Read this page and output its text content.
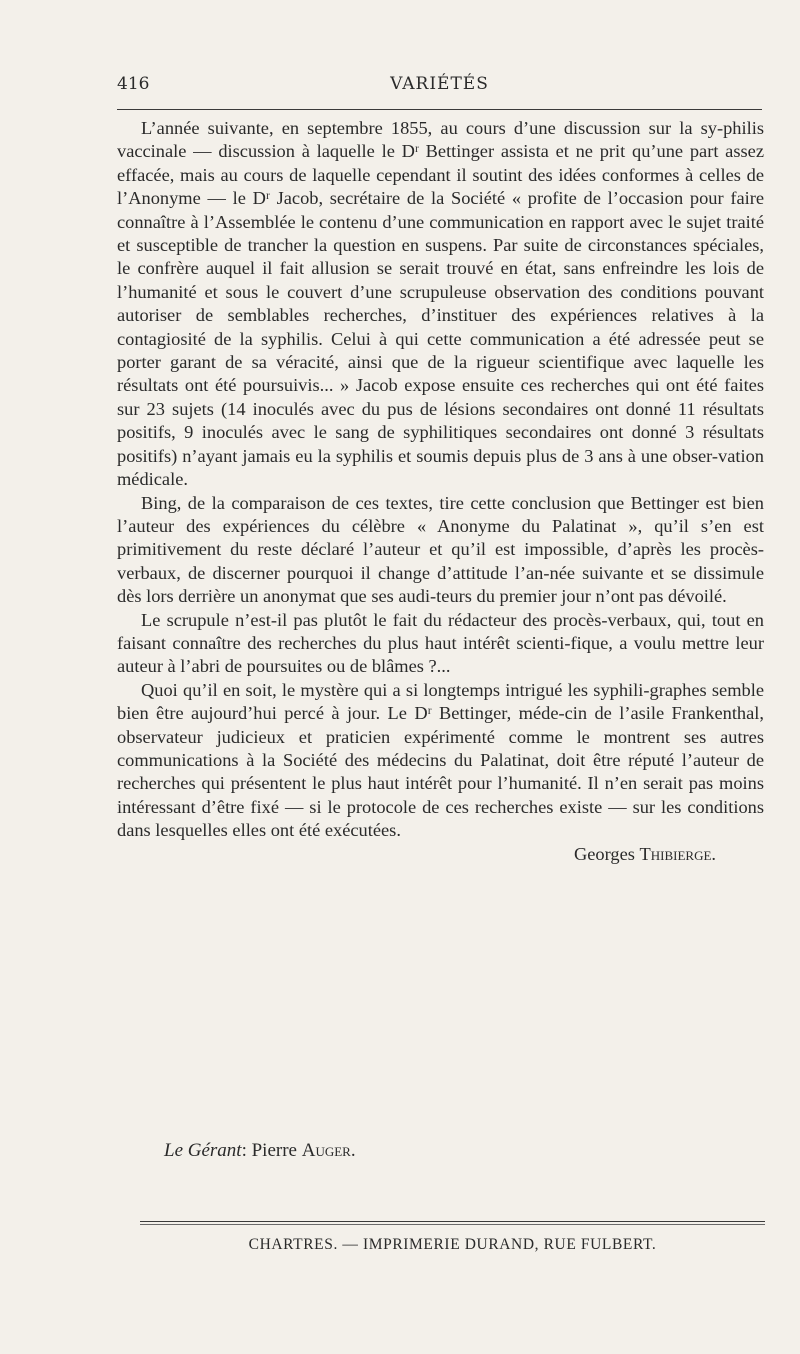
416	VARIÉTÉS

L’année suivante, en septembre 1855, au cours d’une discussion sur la sy-philis vaccinale — discussion à laquelle le Dʳ Bettinger assista et ne prit qu’une part assez effacée, mais au cours de laquelle cependant il soutint des idées conformes à celles de l’Anonyme — le Dʳ Jacob, secrétaire de la Société « profite de l’occasion pour faire connaître à l’Assemblée le contenu d’une communication en rapport avec le sujet traité et susceptible de trancher la question en suspens. Par suite de circonstances spéciales, le confrère auquel il fait allusion se serait trouvé en état, sans enfreindre les lois de l’humanité et sous le couvert d’une scrupuleuse observation des conditions pouvant autoriser de semblables recherches, d’instituer des expériences relatives à la contagiosité de la syphilis. Celui à qui cette communication a été adressée peut se porter garant de sa véracité, ainsi que de la rigueur scientifique avec laquelle les résultats ont été poursuivis... » Jacob expose ensuite ces recherches qui ont été faites sur 23 sujets (14 inoculés avec du pus de lésions secondaires ont donné 11 résultats positifs, 9 inoculés avec le sang de syphilitiques secondaires ont donné 3 résultats positifs) n’ayant jamais eu la syphilis et soumis depuis plus de 3 ans à une obser-vation médicale.

Bing, de la comparaison de ces textes, tire cette conclusion que Bettinger est bien l’auteur des expériences du célèbre « Anonyme du Palatinat », qu’il s’en est primitivement du reste déclaré l’auteur et qu’il est impossible, d’après les procès-verbaux, de discerner pourquoi il change d’attitude l’an-née suivante et se dissimule dès lors derrière un anonymat que ses audi-teurs du premier jour n’ont pas dévoilé.

Le scrupule n’est-il pas plutôt le fait du rédacteur des procès-verbaux, qui, tout en faisant connaître des recherches du plus haut intérêt scienti-fique, a voulu mettre leur auteur à l’abri de poursuites ou de blâmes ?...

Quoi qu’il en soit, le mystère qui a si longtemps intrigué les syphili-graphes semble bien être aujourd’hui percé à jour. Le Dʳ Bettinger, méde-cin de l’asile Frankenthal, observateur judicieux et praticien expérimenté comme le montrent ses autres communications à la Société des médecins du Palatinat, doit être réputé l’auteur de recherches qui présentent le plus haut intérêt pour l’humanité. Il n’en serait pas moins intéressant d’être fixé — si le protocole de ces recherches existe — sur les conditions dans lesquelles elles ont été exécutées.

Georges Thibierge.
Le Gérant: Pierre Auger.
CHARTRES. — IMPRIMERIE DURAND, RUE FULBERT.
